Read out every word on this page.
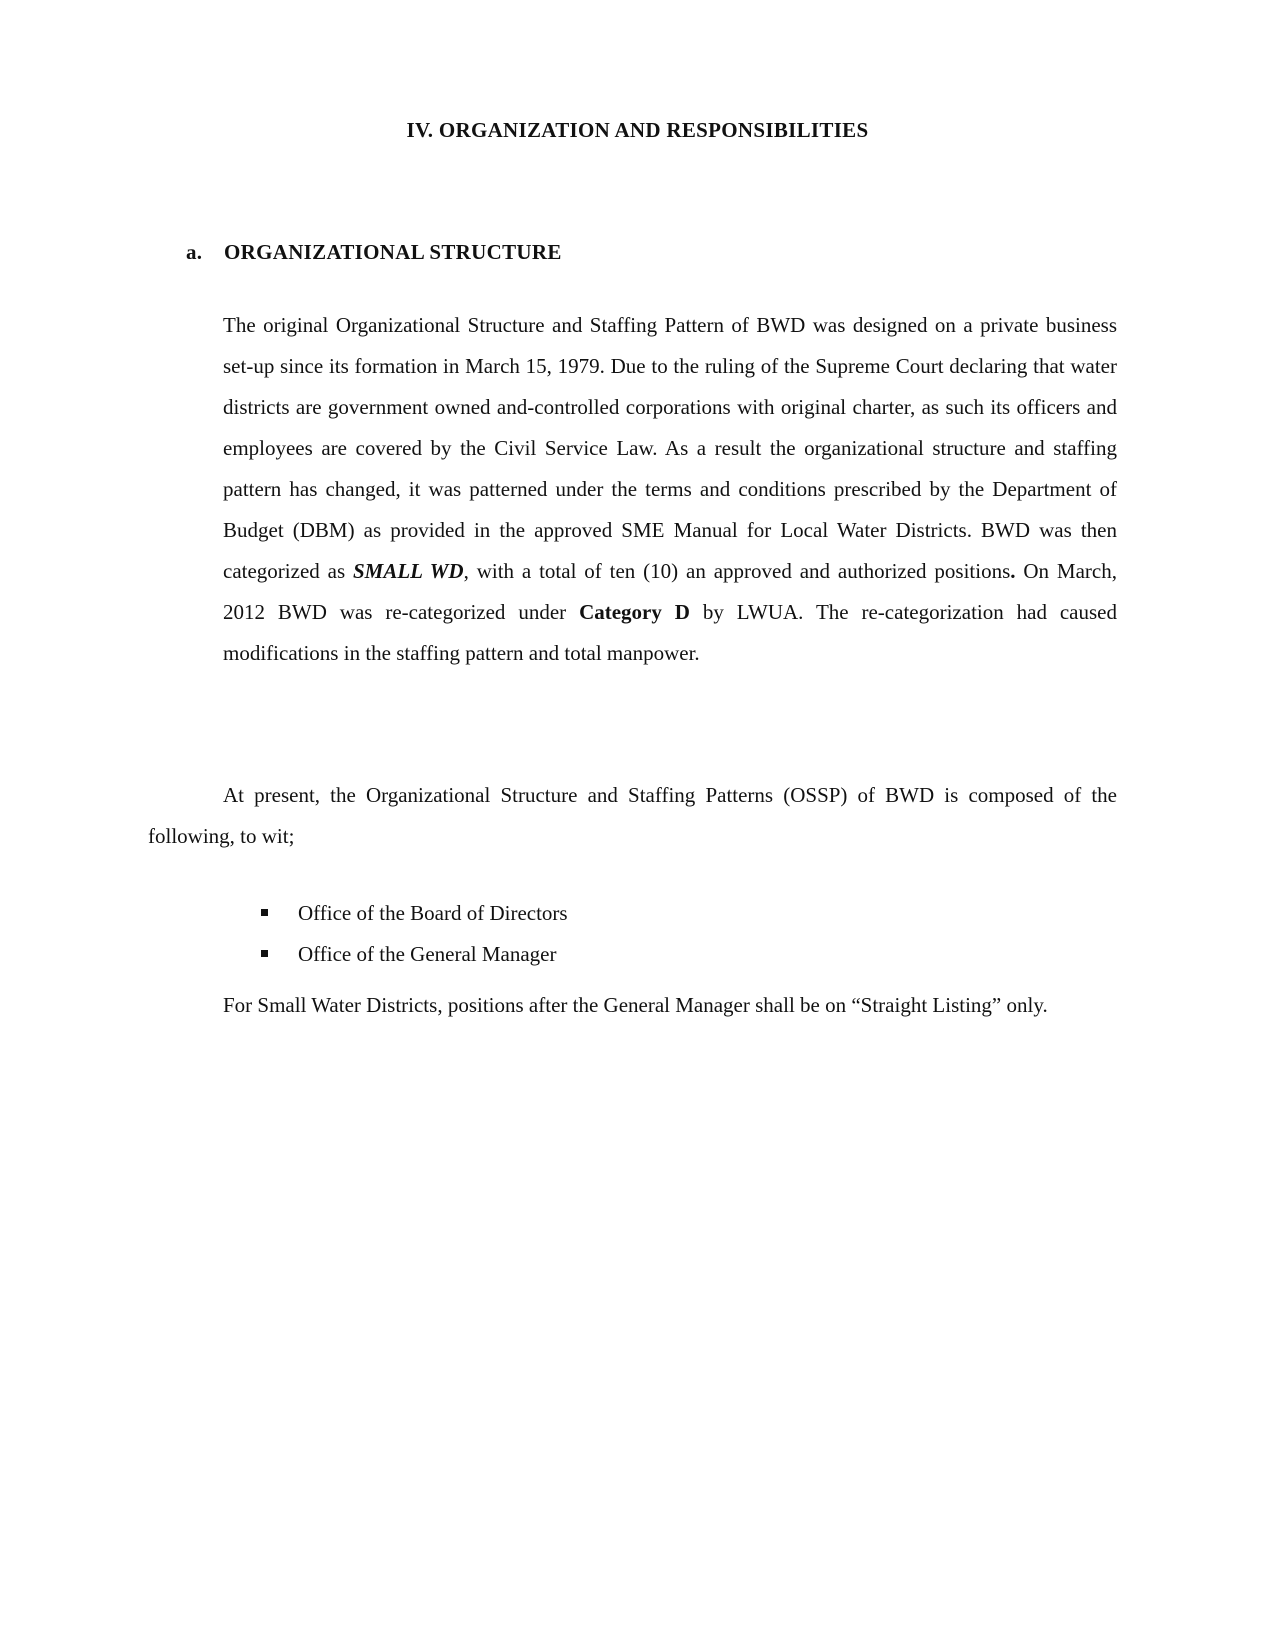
IV. ORGANIZATION AND RESPONSIBILITIES
a. ORGANIZATIONAL STRUCTURE
The original Organizational Structure and Staffing Pattern of BWD was designed on a private business set-up since its formation in March 15, 1979. Due to the ruling of the Supreme Court declaring that water districts are government owned and-controlled corporations with original charter, as such its officers and employees are covered by the Civil Service Law. As a result the organizational structure and staffing pattern has changed, it was patterned under the terms and conditions prescribed by the Department of Budget (DBM) as provided in the approved SME Manual for Local Water Districts. BWD was then categorized as SMALL WD, with a total of ten (10) an approved and authorized positions. On March, 2012 BWD was re-categorized under Category D by LWUA. The re-categorization had caused modifications in the staffing pattern and total manpower.
At present, the Organizational Structure and Staffing Patterns (OSSP) of BWD is composed of the following, to wit;
Office of the Board of Directors
Office of the General Manager
For Small Water Districts, positions after the General Manager shall be on “Straight Listing” only.
